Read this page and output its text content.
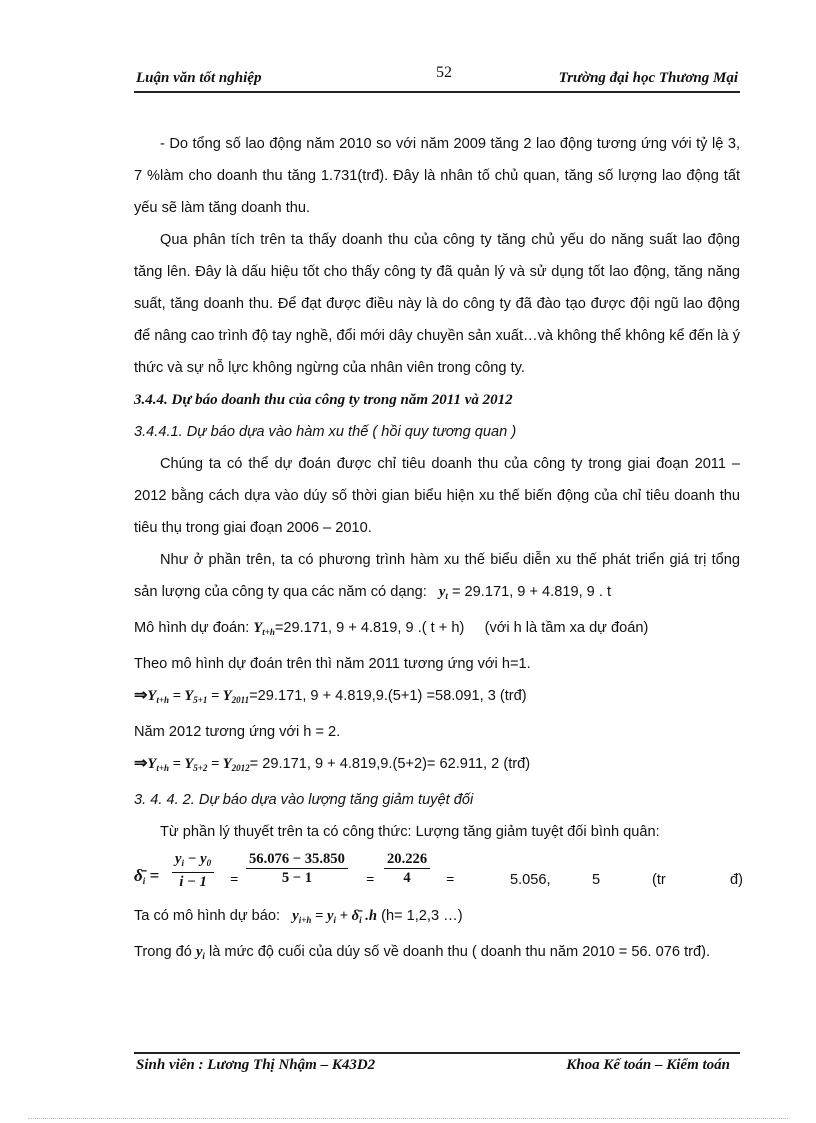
Luận văn tốt nghiệp	52	Trường đại học Thương Mại

- Do tổng số lao động năm 2010 so với năm 2009 tăng 2 lao động tương ứng với tỷ lệ 3, 7 %làm cho doanh thu tăng 1.731(trđ). Đây là nhân tố chủ quan, tăng số lượng lao động tất yếu sẽ làm tăng doanh thu.

Qua phân tích trên ta thấy doanh thu của công ty tăng chủ yếu do năng suất lao động tăng lên. Đây là dấu hiệu tốt cho thấy công ty đã quản lý và sử dụng tốt lao động, tăng năng suất, tăng doanh thu. Để đạt được điều này là do công ty đã đào tạo được đội ngũ lao động để nâng cao trình độ tay nghề, đổi mới dây chuyền sản xuất…và không thể không kể đến là ý thức và sự nỗ lực không ngừng của nhân viên trong công ty.

3.4.4. Dự báo doanh thu của công ty trong năm 2011 và 2012

3.4.4.1. Dự báo dựa vào hàm xu thế ( hồi quy tương quan )

Chúng ta có thể dự đoán được chỉ tiêu doanh thu của công ty trong giai đoạn 2011 – 2012 bằng cách dựa vào dúy số thời gian biểu hiện xu thế biến động của chỉ tiêu doanh thu tiêu thụ trong giai đoạn 2006 – 2010.

Như ở phần trên, ta có phương trình hàm xu thế biểu diễn xu thế phát triển giá trị tổng sản lượng của công ty qua các năm có dạng: $y_t = 29.171$, 9 + 4.819, 9 . t

Mô hình dự đoán: $Y_{t+h}=29.171$, 9 + 4.819, 9 .( t + h) (với h là tầm xa dự đoán)

Theo mô hình dự đoán trên thì năm 2011 tương ứng với h=1.

$\Rightarrow Y_{t+h} = Y_{5+1} = Y_{2011}=29.171$, 9 + 4.819,9.(5+1) =58.091, 3 (trđ)

Năm 2012 tương ứng với h = 2.

$\Rightarrow Y_{t+h} = Y_{5+2} = Y_{2012}= 29.171$, 9 + 4.819,9.(5+2)= 62.911, 2 (trđ)

3. 4. 4. 2. Dự báo dựa vào lượng tăng giảm tuyệt đối

Từ phần lý thuyết trên ta có công thức: Lượng tăng giảm tuyệt đối bình quân:

$\deltā_i = \frac{y_i - y_0}{i - 1} = \frac{56.076 - 35.850}{5 - 1} = \frac{20.226}{4}$ =	5.056,	5	(tr	đ)

Ta có mô hình dự báo: $y_{i+h} = y_i$ + $\deltā_i$ .h (h= 1,2,3 …)

Trong đó $y_i$ là mức độ cuối của dúy số về doanh thu ( doanh thu năm 2010 = 56. 076 trđ).

Sinh viên : Lương Thị Nhậm – K43D2	Khoa Kế toán – Kiểm toán
